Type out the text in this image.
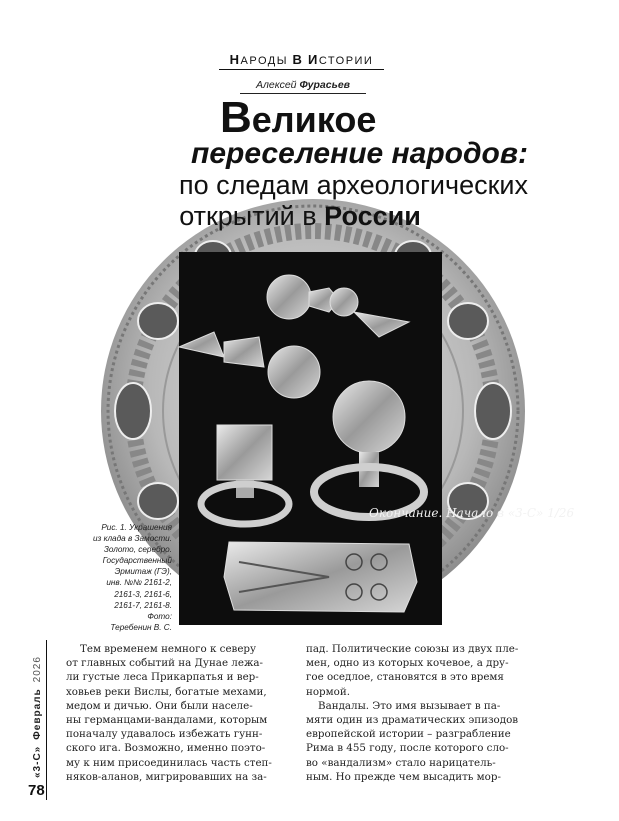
НАРОДЫ В ИСТОРИИ
Алексей Фурасьев
Великое
переселение народов:
по следам археологических
открытий в России
Окончание. Начало в «3-С» 1/26
Рис. 1. Украшения
из клада в Замости.
Золото, серебро.
Государственный
Эрмитаж (ГЭ),
инв. №№ 2161-2,
2161-3, 2161-6,
2161-7, 2161-8.
Фото:
Теребенин В. С.
«3-С»
Февраль
2026
78

Тем временем немного к северу

от главных событий на Дунае лежа-

ли густые леса Прикарпатья и вер-

ховьев реки Вислы, богатые мехами,

медом и дичью. Они были населе-

ны германцами-вандалами, которым

поначалу удавалось избежать гунн-

ского ига. Возможно, именно поэто-

му к ним присоединилась часть степ-

няков-аланов, мигрировавших на за-

пад. Политические союзы из двух пле-

мен, одно из которых кочевое, а дру-

гое оседлое, становятся в это время

нормой.

Вандалы. Это имя вызывает в па-

мяти один из драматических эпизодов

европейской истории – разграбление

Рима в 455 году, после которого сло-

во «вандализм» стало нарицатель-

ным. Но прежде чем высадить мор-
